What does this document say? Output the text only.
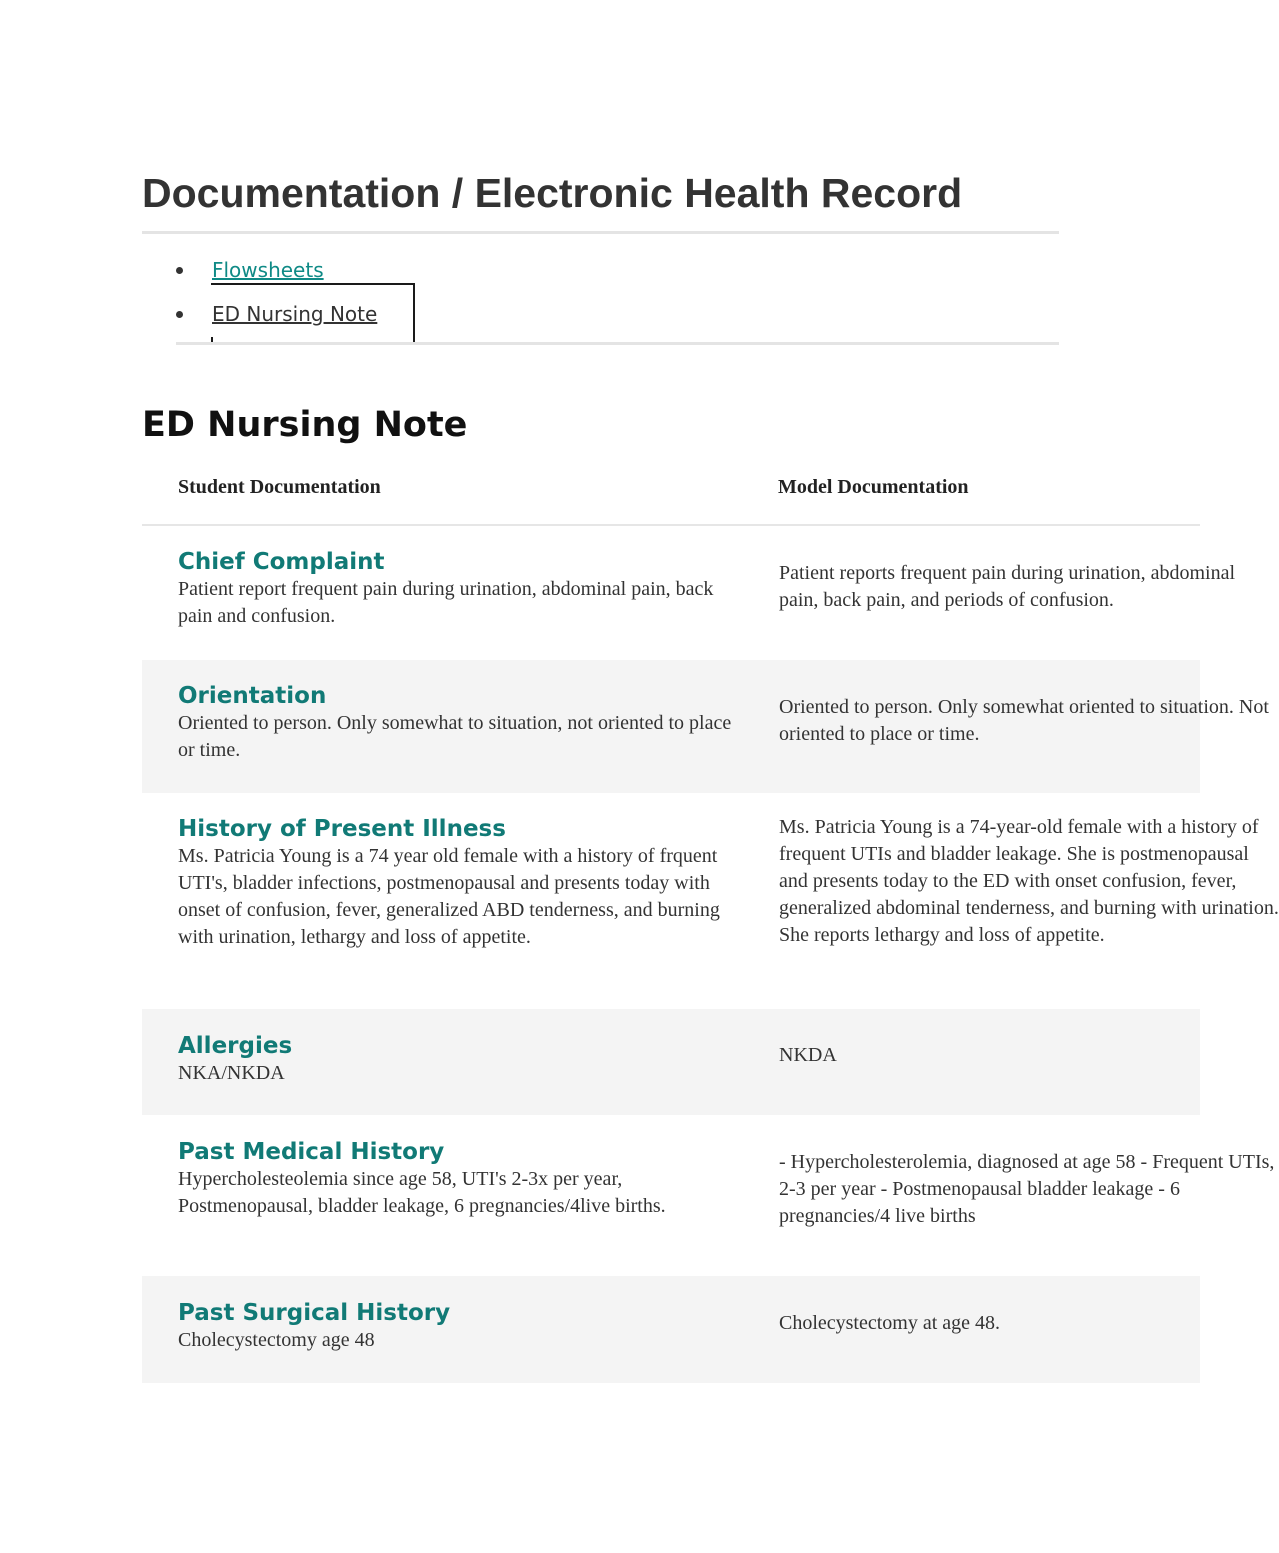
Documentation / Electronic Health Record
Flowsheets
ED Nursing Note
ED Nursing Note
Student Documentation	Model Documentation
Chief Complaint
Patient report frequent pain during urination, abdominal pain, back pain and confusion.
Patient reports frequent pain during urination, abdominal pain, back pain, and periods of confusion.
Orientation
Oriented to person. Only somewhat to situation, not oriented to place or time.
Oriented to person. Only somewhat oriented to situation. Not oriented to place or time.
History of Present Illness
Ms. Patricia Young is a 74 year old female with a history of frquent UTI's, bladder infections, postmenopausal and presents today with onset of confusion, fever, generalized ABD tenderness, and burning with urination, lethargy and loss of appetite.
Ms. Patricia Young is a 74-year-old female with a history of frequent UTIs and bladder leakage. She is postmenopausal and presents today to the ED with onset confusion, fever, generalized abdominal tenderness, and burning with urination. She reports lethargy and loss of appetite.
Allergies
NKA/NKDA
NKDA
Past Medical History
Hypercholesteolemia since age 58, UTI's 2-3x per year, Postmenopausal, bladder leakage, 6 pregnancies/4live births.
- Hypercholesterolemia, diagnosed at age 58 - Frequent UTIs, 2-3 per year - Postmenopausal bladder leakage - 6 pregnancies/4 live births
Past Surgical History
Cholecystectomy age 48
Cholecystectomy at age 48.
